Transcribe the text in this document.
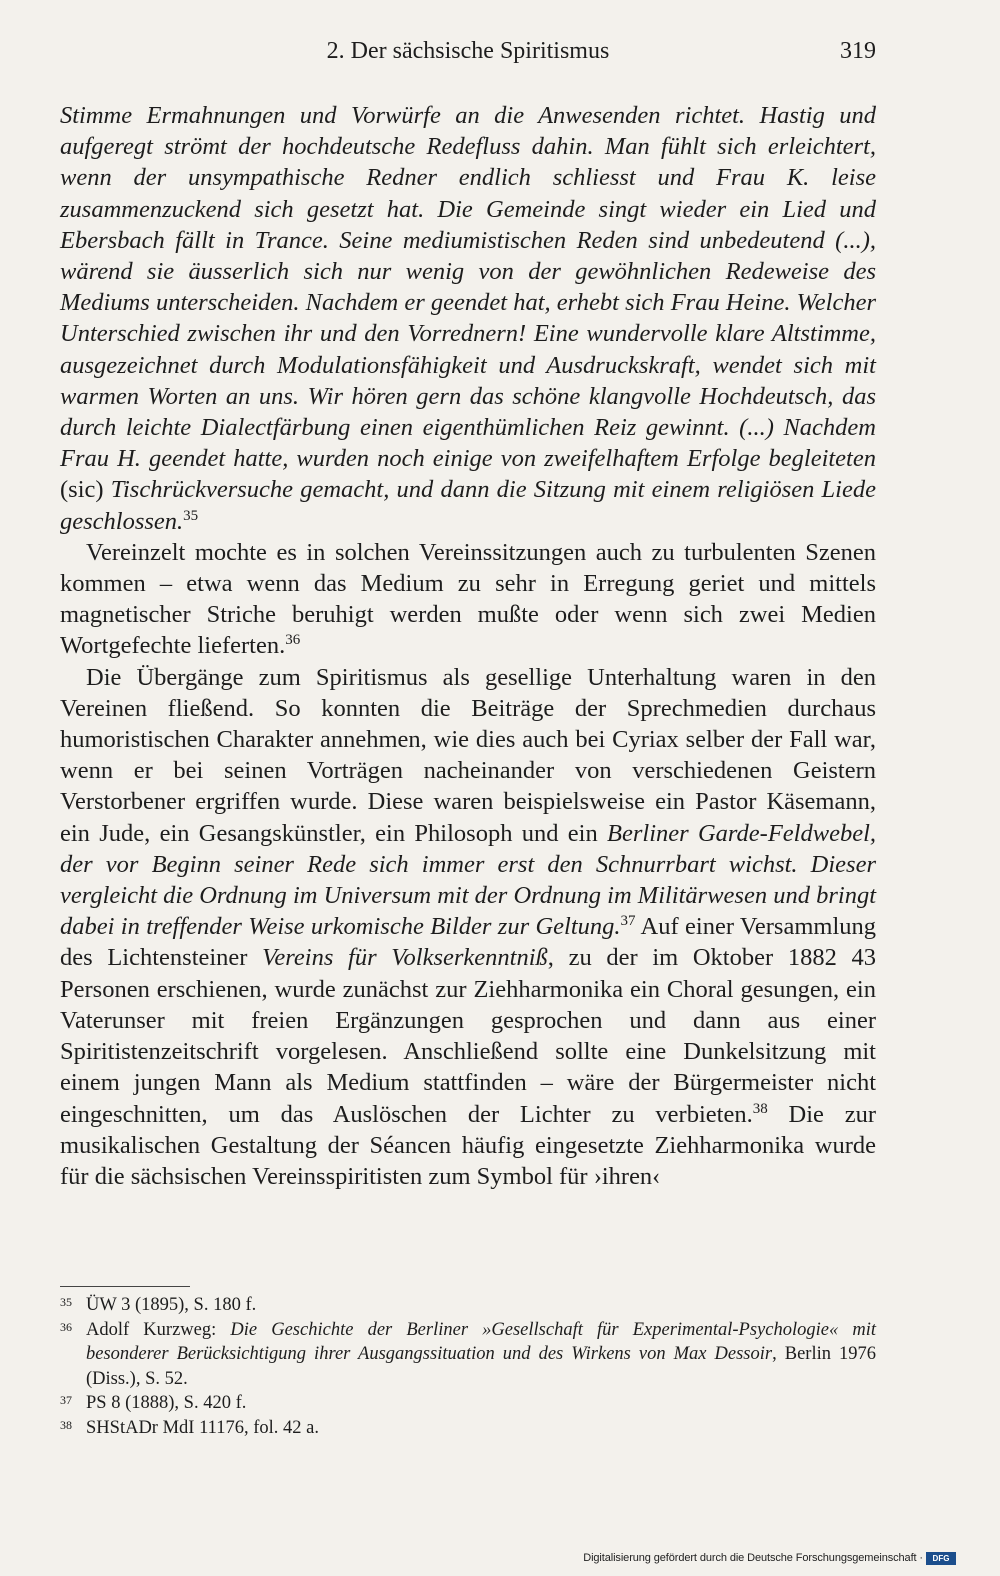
2. Der sächsische Spiritismus	319

Stimme Ermahnungen und Vorwürfe an die Anwesenden richtet. Hastig und aufgeregt strömt der hochdeutsche Redefluss dahin. Man fühlt sich erleichtert, wenn der unsympathische Redner endlich schliesst und Frau K. leise zusammenzuckend sich gesetzt hat. Die Gemeinde singt wieder ein Lied und Ebersbach fällt in Trance. Seine mediumistischen Reden sind unbedeutend (...), wärend sie äusserlich sich nur wenig von der gewöhnlichen Redeweise des Mediums unterscheiden. Nachdem er geendet hat, erhebt sich Frau Heine. Welcher Unterschied zwischen ihr und den Vorrednern! Eine wundervolle klare Altstimme, ausgezeichnet durch Modulationsfähigkeit und Ausdruckskraft, wendet sich mit warmen Worten an uns. Wir hören gern das schöne klangvolle Hochdeutsch, das durch leichte Dialectfärbung einen eigenthümlichen Reiz gewinnt. (...) Nachdem Frau H. geendet hatte, wurden noch einige von zweifelhaftem Erfolge begleiteten (sic) Tischrückversuche gemacht, und dann die Sitzung mit einem religiösen Liede geschlossen.$^{35}$

Vereinzelt mochte es in solchen Vereinssitzungen auch zu turbulenten Szenen kommen – etwa wenn das Medium zu sehr in Erregung geriet und mittels magnetischer Striche beruhigt werden mußte oder wenn sich zwei Medien Wortgefechte lieferten.$^{36}$

Die Übergänge zum Spiritismus als gesellige Unterhaltung waren in den Vereinen fließend. So konnten die Beiträge der Sprechmedien durchaus humoristischen Charakter annehmen, wie dies auch bei Cyriax selber der Fall war, wenn er bei seinen Vorträgen nacheinander von verschiedenen Geistern Verstorbener ergriffen wurde. Diese waren beispielsweise ein Pastor Käsemann, ein Jude, ein Gesangskünstler, ein Philosoph und ein Berliner Garde-Feldwebel, der vor Beginn seiner Rede sich immer erst den Schnurrbart wichst. Dieser vergleicht die Ordnung im Universum mit der Ordnung im Militärwesen und bringt dabei in treffender Weise urkomische Bilder zur Geltung.$^{37}$ Auf einer Versammlung des Lichtensteiner Vereins für Volkserkenntniß, zu der im Oktober 1882 43 Personen erschienen, wurde zunächst zur Ziehharmonika ein Choral gesungen, ein Vaterunser mit freien Ergänzungen gesprochen und dann aus einer Spiritistenzeitschrift vorgelesen. Anschließend sollte eine Dunkelsitzung mit einem jungen Mann als Medium stattfinden – wäre der Bürgermeister nicht eingeschnitten, um das Auslöschen der Lichter zu verbieten.$^{38}$ Die zur musikalischen Gestaltung der Séancen häufig eingesetzte Ziehharmonika wurde für die sächsischen Vereinsspiritisten zum Symbol für ›ihren‹

35 ÜW 3 (1895), S. 180 f.

36 Adolf Kurzweg: Die Geschichte der Berliner »Gesellschaft für Experimental-Psychologie« mit besonderer Berücksichtigung ihrer Ausgangssituation und des Wirkens von Max Dessoir, Berlin 1976 (Diss.), S. 52.

37 PS 8 (1888), S. 420 f.

38 SHStADr MdI 11176, fol. 42 a.

Digitalisierung gefördert durch die Deutsche Forschungsgemeinschaft ·	DFG
